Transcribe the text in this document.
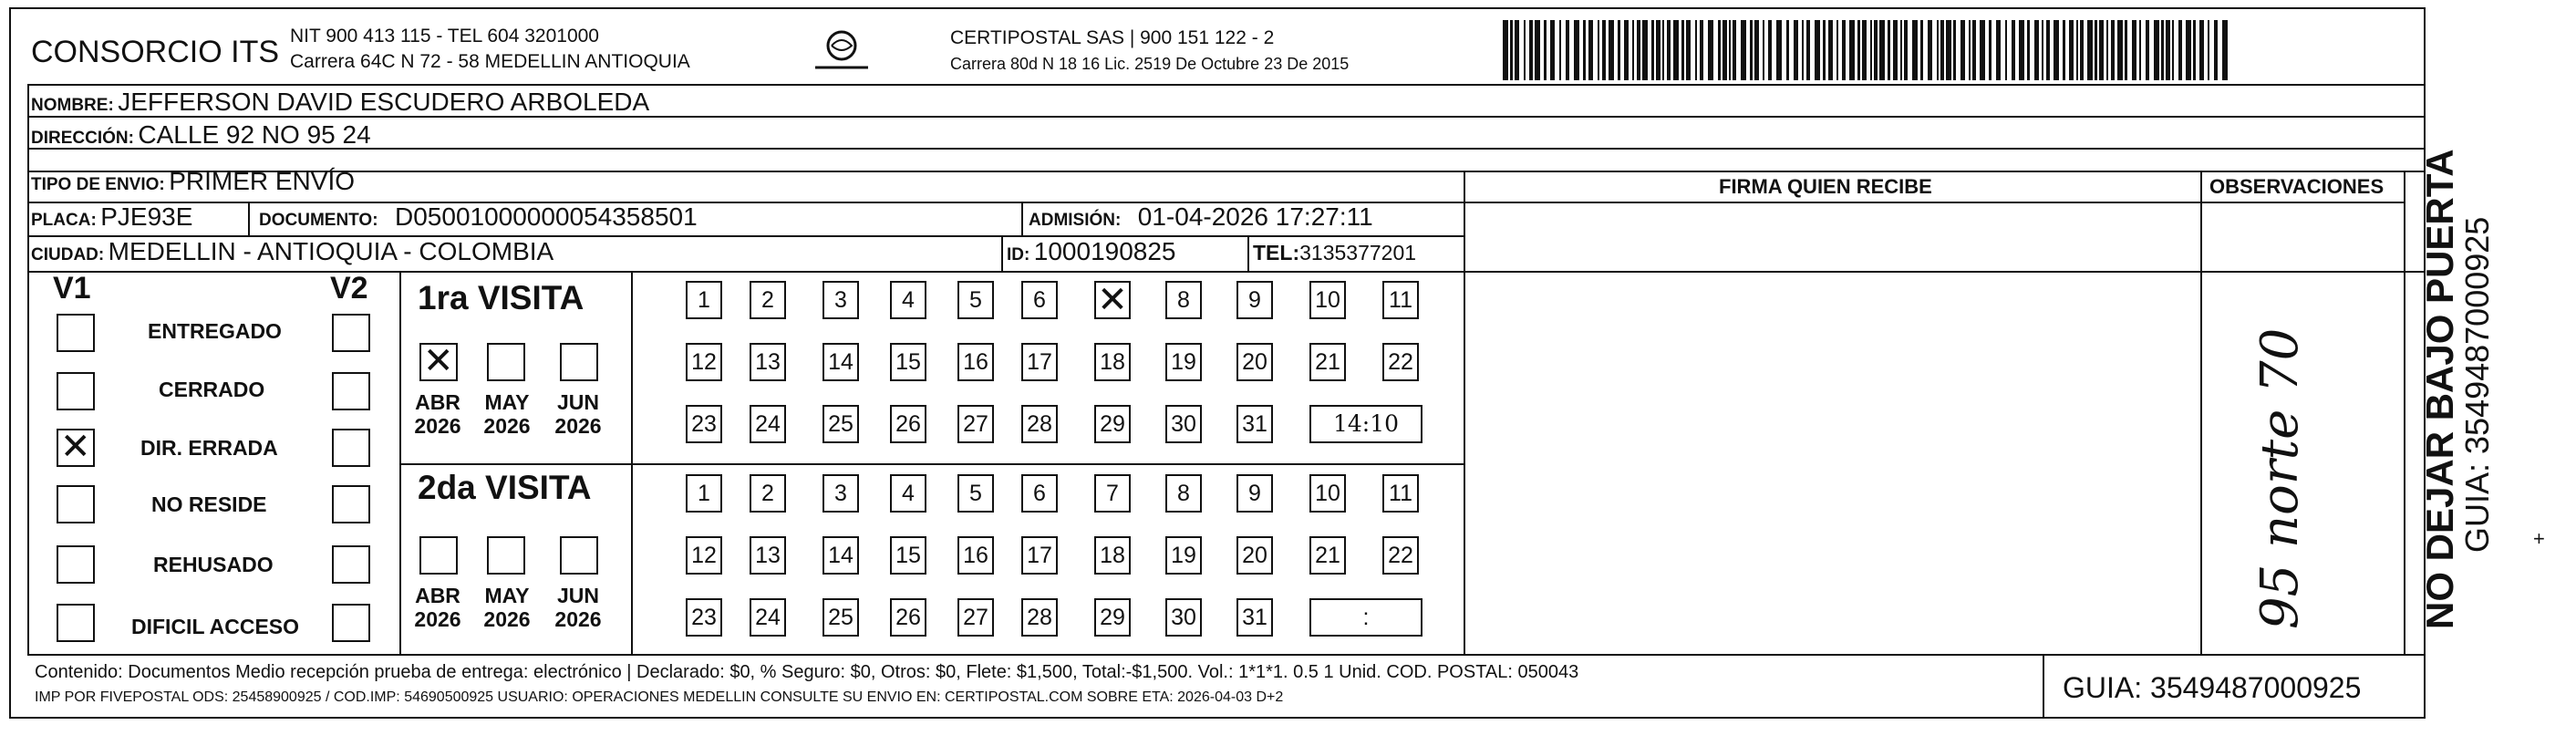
CONSORCIO ITS NIT 900 413 115 - TEL 604 3201000
Carrera 64C N 72 - 58 MEDELLIN ANTIOQUIA
CERTIPOSTAL SAS | 900 151 122 - 2
Carrera 80d N 18 16 Lic. 2519 De Octubre 23 De 2015
NOMBRE: JEFFERSON DAVID ESCUDERO ARBOLEDA
DIRECCIÓN: CALLE 92 NO 95 24
TIPO DE ENVIO: PRIMER ENVÍO
PLACA: PJE93E	DOCUMENTO: D05001000000054358501	ADMISIÓN: 01-04-2026 17:27:11
CIUDAD: MEDELLIN - ANTIOQUIA - COLOMBIA	ID: 1000190825	TEL:3135377201
FIRMA QUIEN RECIBE	OBSERVACIONES
95 norte 70
V1	V2
ENTREGADO
CERRADO
✕
DIR. ERRADA
NO RESIDE
REHUSADO
DIFICIL ACCESO
1ra VISITA
2da VISITA
✕
ABR
2026
MAY
2026
JUN
2026
ABR
2026
MAY
2026
JUN
2026
1	2	3	4	5	6
✕	8	9	10 11
12 13 14 15 16 17 18 19 20 21 22
23 24 25 26 27 28 29 30 31	14:10
1	2	3	4	5	6	7	8	9	10 11
12 13 14 15 16 17 18 19 20 21 22
23 24 25 26 27 28 29 30 31	:
Contenido: Documentos Medio recepción prueba de entrega: electrónico | Declarado: $0, % Seguro: $0, Otros: $0, Flete: $1,500, Total:-$1,500. Vol.: 1*1*1. 0.5 1 Unid. COD. POSTAL: 050043
IMP POR FIVEPOSTAL ODS: 25458900925 / COD.IMP: 54690500925 USUARIO: OPERACIONES MEDELLIN CONSULTE SU ENVIO EN: CERTIPOSTAL.COM SOBRE ETA: 2026-04-03 D+2	GUIA: 3549487000925
NO DEJAR BAJO PUERTA
GUIA: 3549487000925 +
